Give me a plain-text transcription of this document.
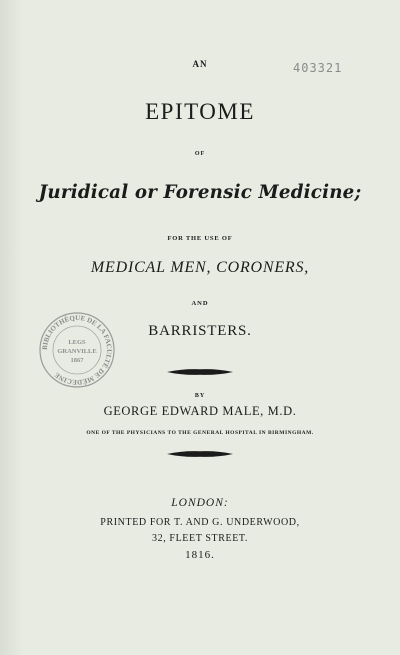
403321
AN
EPITOME
OF
Juridical or Forensic Medicine;
FOR THE USE OF
MEDICAL MEN, CORONERS,
AND
BARRISTERS.
BIBLIOTHÈQUE DE LA FACULTÉ DE MÉDECINE
LEGS
GRANVILLE
1867
BY
GEORGE EDWARD MALE, M.D.
ONE OF THE PHYSICIANS TO THE GENERAL HOSPITAL IN BIRMINGHAM.
LONDON:
PRINTED FOR T. AND G. UNDERWOOD,
32, FLEET STREET.
1816.
